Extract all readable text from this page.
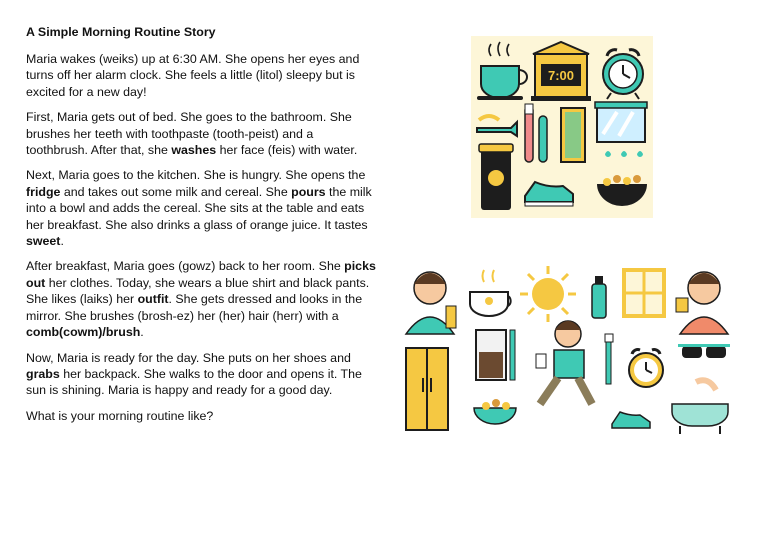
A Simple Morning Routine Story

Maria wakes (weiks) up at 6:30 AM. She opens her eyes and turns off her alarm clock. She feels a little (litol) sleepy but is excited for a new day!

First, Maria gets out of bed. She goes to the bathroom. She brushes her teeth with toothpaste (tooth-peist) and a toothbrush. After that, she washes her face (feis) with water.

Next, Maria goes to the kitchen. She is hungry. She opens the fridge and takes out some milk and cereal. She pours the milk into a bowl and adds the cereal. She sits at the table and eats her breakfast. She also drinks a glass of orange juice. It tastes sweet.

After breakfast, Maria goes (gowz) back to her room. She picks out her clothes. Today, she wears a blue shirt and black pants. She likes (laiks) her outfit. She gets dressed and looks in the mirror. She brushes (brosh-ez) her (her) hair (herr) with a comb(cowm)/brush.

Now, Maria is ready for the day. She puts on her shoes and grabs her backpack. She walks to the door and opens it. The sun is shining. Maria is happy and ready for a good day.

What is your morning routine like?

7:00
